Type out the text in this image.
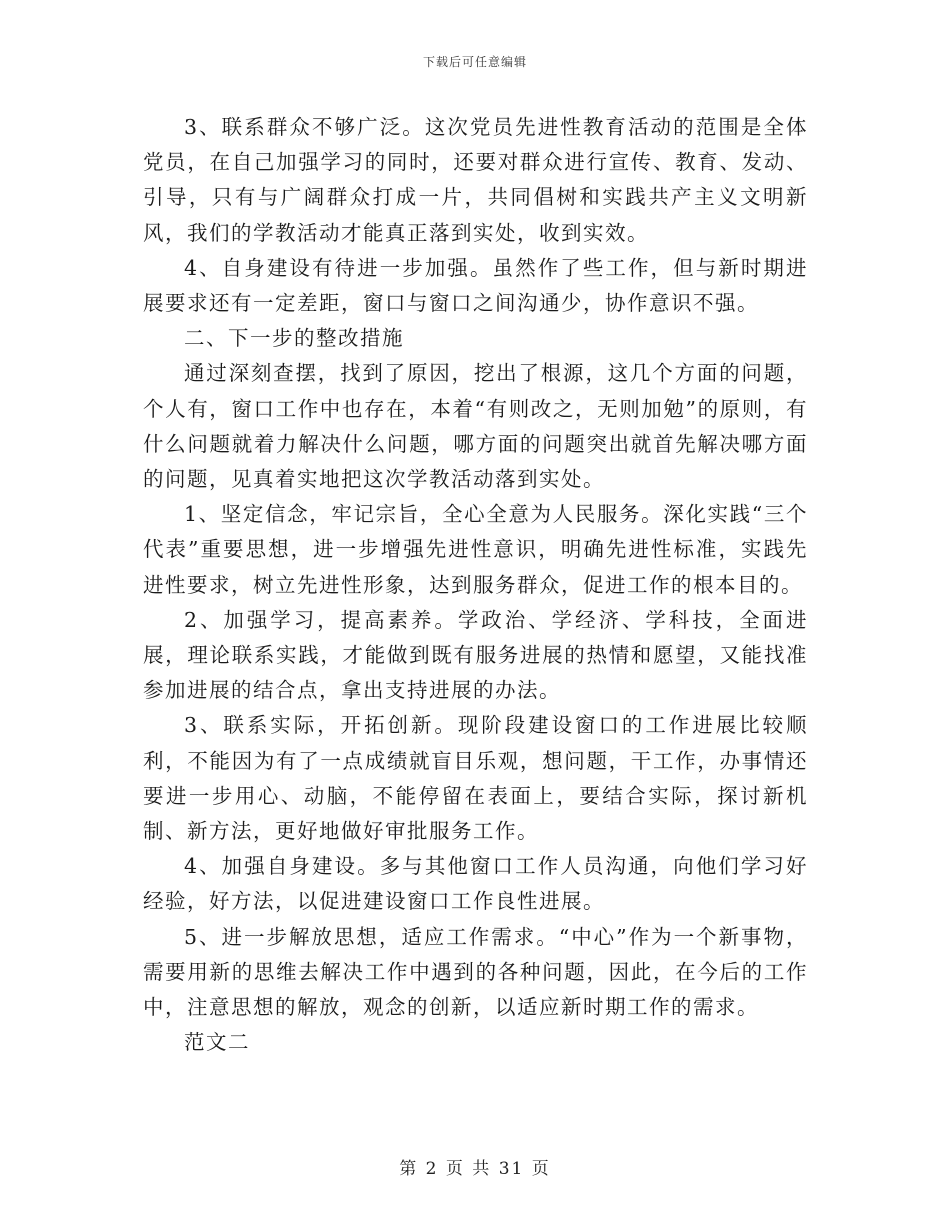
下载后可任意编辑

3、联系群众不够广泛。这次党员先进性教育活动的范围是全体党员，在自己加强学习的同时，还要对群众进行宣传、教育、发动、引导，只有与广阔群众打成一片，共同倡树和实践共产主义文明新风，我们的学教活动才能真正落到实处，收到实效。

4、自身建设有待进一步加强。虽然作了些工作，但与新时期进展要求还有一定差距，窗口与窗口之间沟通少，协作意识不强。

二、下一步的整改措施

通过深刻查摆，找到了原因，挖出了根源，这几个方面的问题，个人有，窗口工作中也存在，本着“有则改之，无则加勉”的原则，有什么问题就着力解决什么问题，哪方面的问题突出就首先解决哪方面的问题，见真着实地把这次学教活动落到实处。

1、坚定信念，牢记宗旨，全心全意为人民服务。深化实践“三个代表”重要思想，进一步增强先进性意识，明确先进性标准，实践先进性要求，树立先进性形象，达到服务群众，促进工作的根本目的。

2、加强学习，提高素养。学政治、学经济、学科技，全面进展，理论联系实践，才能做到既有服务进展的热情和愿望，又能找准参加进展的结合点，拿出支持进展的办法。

3、联系实际，开拓创新。现阶段建设窗口的工作进展比较顺利，不能因为有了一点成绩就盲目乐观，想问题，干工作，办事情还要进一步用心、动脑，不能停留在表面上，要结合实际，探讨新机制、新方法，更好地做好审批服务工作。

4、加强自身建设。多与其他窗口工作人员沟通，向他们学习好经验，好方法，以促进建设窗口工作良性进展。

5、进一步解放思想，适应工作需求。“中心”作为一个新事物，需要用新的思维去解决工作中遇到的各种问题，因此，在今后的工作中，注意思想的解放，观念的创新，以适应新时期工作的需求。

范文二

第 2 页 共 31 页
